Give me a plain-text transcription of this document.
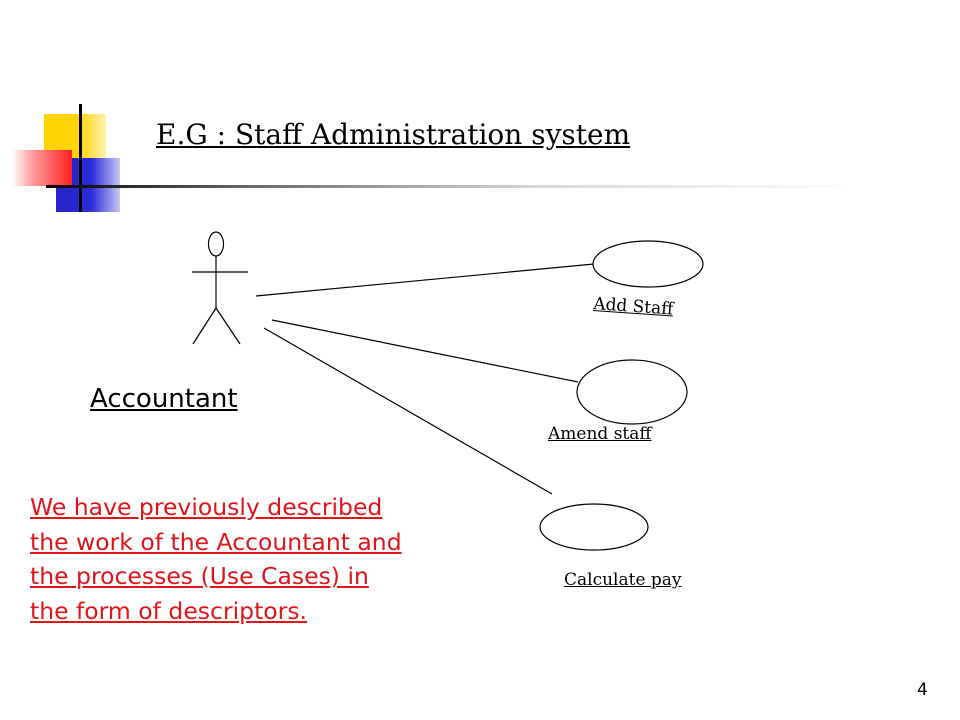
E.G : Staff Administration system
Accountant
Add Staff
Amend staff
Calculate pay
We have previously described the work of the Accountant and the processes (Use Cases) in the form of descriptors.
4
